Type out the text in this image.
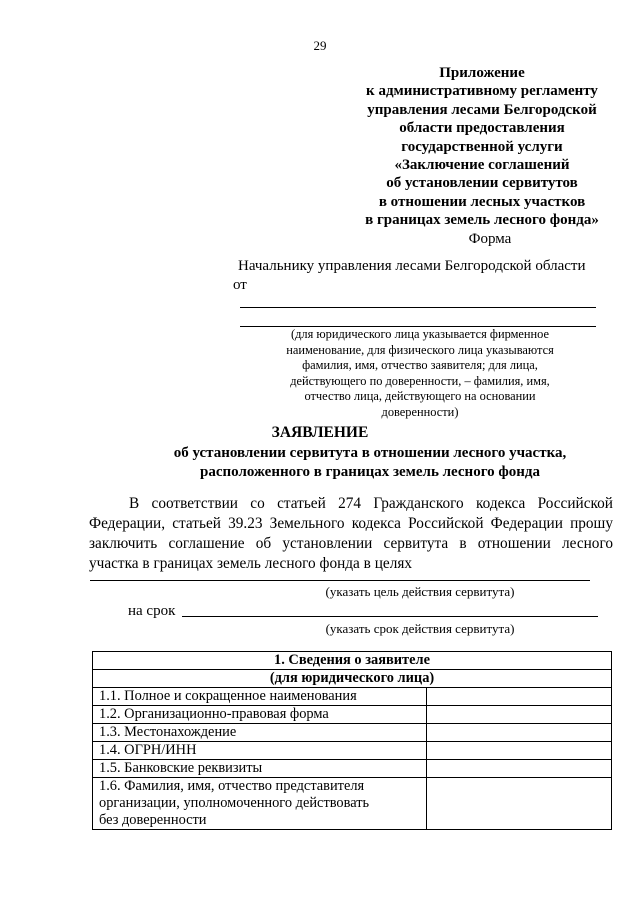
29
Приложение
к административному регламенту
управления лесами Белгородской
области предоставления
государственной услуги
«Заключение соглашений
об установлении сервитутов
в отношении лесных участков
в границах земель лесного фонда»
Форма
Начальнику управления лесами Белгородской области
от
(для юридического лица указывается фирменное
наименование, для физического лица указываются
фамилия, имя, отчество заявителя; для лица,
действующего по доверенности, – фамилия, имя,
отчество лица, действующего на основании
доверенности)
ЗАЯВЛЕНИЕ
об установлении сервитута в отношении лесного участка,
расположенного в границах земель лесного фонда
В соответствии со статьей 274 Гражданского кодекса Российской Федерации, статьей 39.23 Земельного кодекса Российской Федерации прошу заключить соглашение об установлении сервитута в отношении лесного участка в границах земель лесного фонда в целях
(указать цель действия сервитута)
на срок
(указать срок действия сервитута)
1. Сведения о заявителе	
(для юридического лица)	
1.1. Полное и сокращенное наименования	
1.2. Организационно-правовая форма	
1.3. Местонахождение	
1.4. ОГРН/ИНН	
1.5. Банковские реквизиты	

1.6. Фамилия, имя, отчество представителя
организации, уполномоченного действовать
без доверенности	
